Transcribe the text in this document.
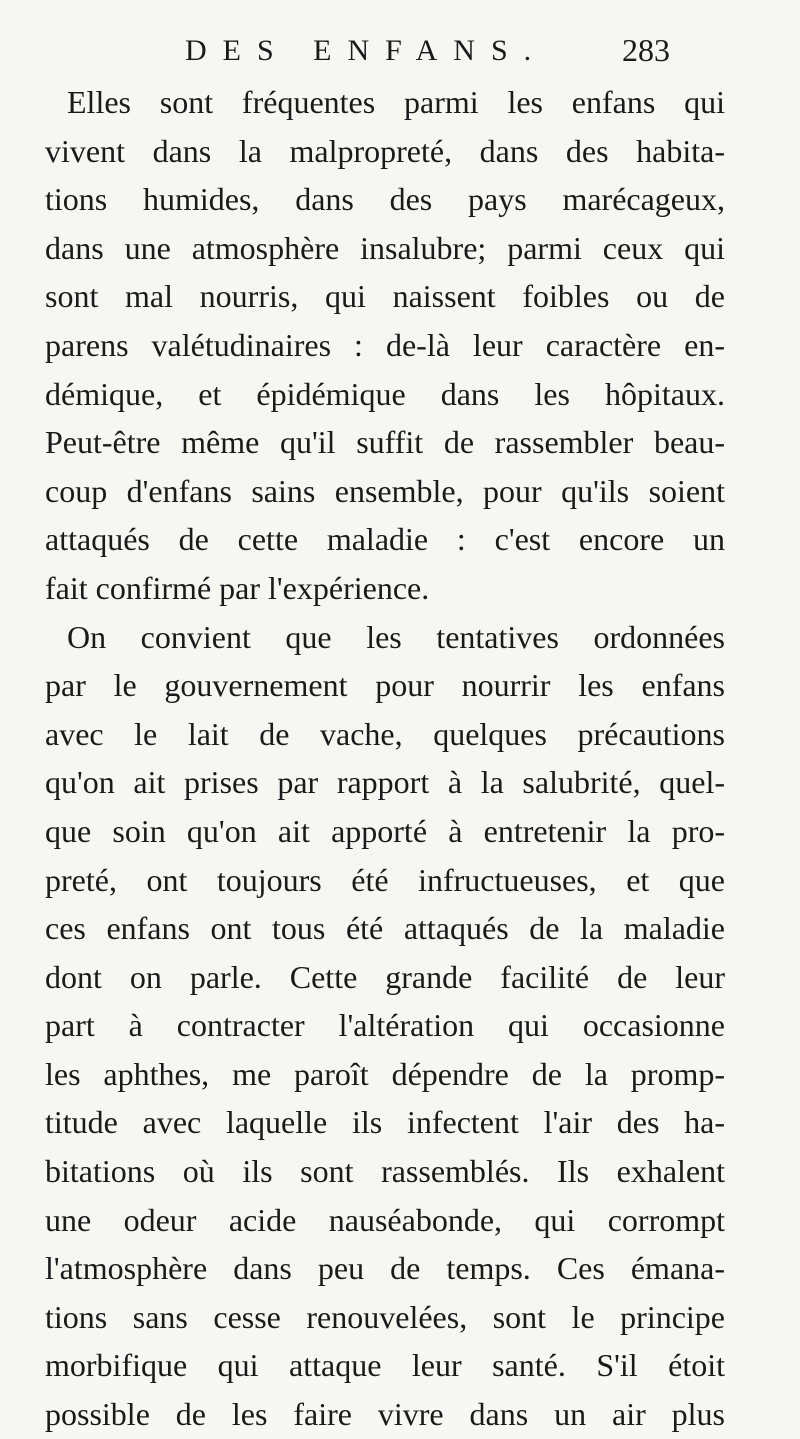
DES ENFANS. 283
Elles sont fréquentes parmi les enfans qui
vivent dans la malpropreté, dans des habita-
tions humides, dans des pays marécageux,
dans une atmosphère insalubre; parmi ceux qui
sont mal nourris, qui naissent foibles ou de
parens valétudinaires : de-là leur caractère en-
démique, et épidémique dans les hôpitaux.
Peut-être même qu'il suffit de rassembler beau-
coup d'enfans sains ensemble, pour qu'ils soient
attaqués de cette maladie : c'est encore un
fait confirmé par l'expérience.
On convient que les tentatives ordonnées
par le gouvernement pour nourrir les enfans
avec le lait de vache, quelques précautions
qu'on ait prises par rapport à la salubrité, quel-
que soin qu'on ait apporté à entretenir la pro-
preté, ont toujours été infructueuses, et que
ces enfans ont tous été attaqués de la maladie
dont on parle. Cette grande facilité de leur
part à contracter l'altération qui occasionne
les aphthes, me paroît dépendre de la promp-
titude avec laquelle ils infectent l'air des ha-
bitations où ils sont rassemblés. Ils exhalent
une odeur acide nauséabonde, qui corrompt
l'atmosphère dans peu de temps. Ces émana-
tions sans cesse renouvelées, sont le principe
morbifique qui attaque leur santé. S'il étoit
possible de les faire vivre dans un air plus
